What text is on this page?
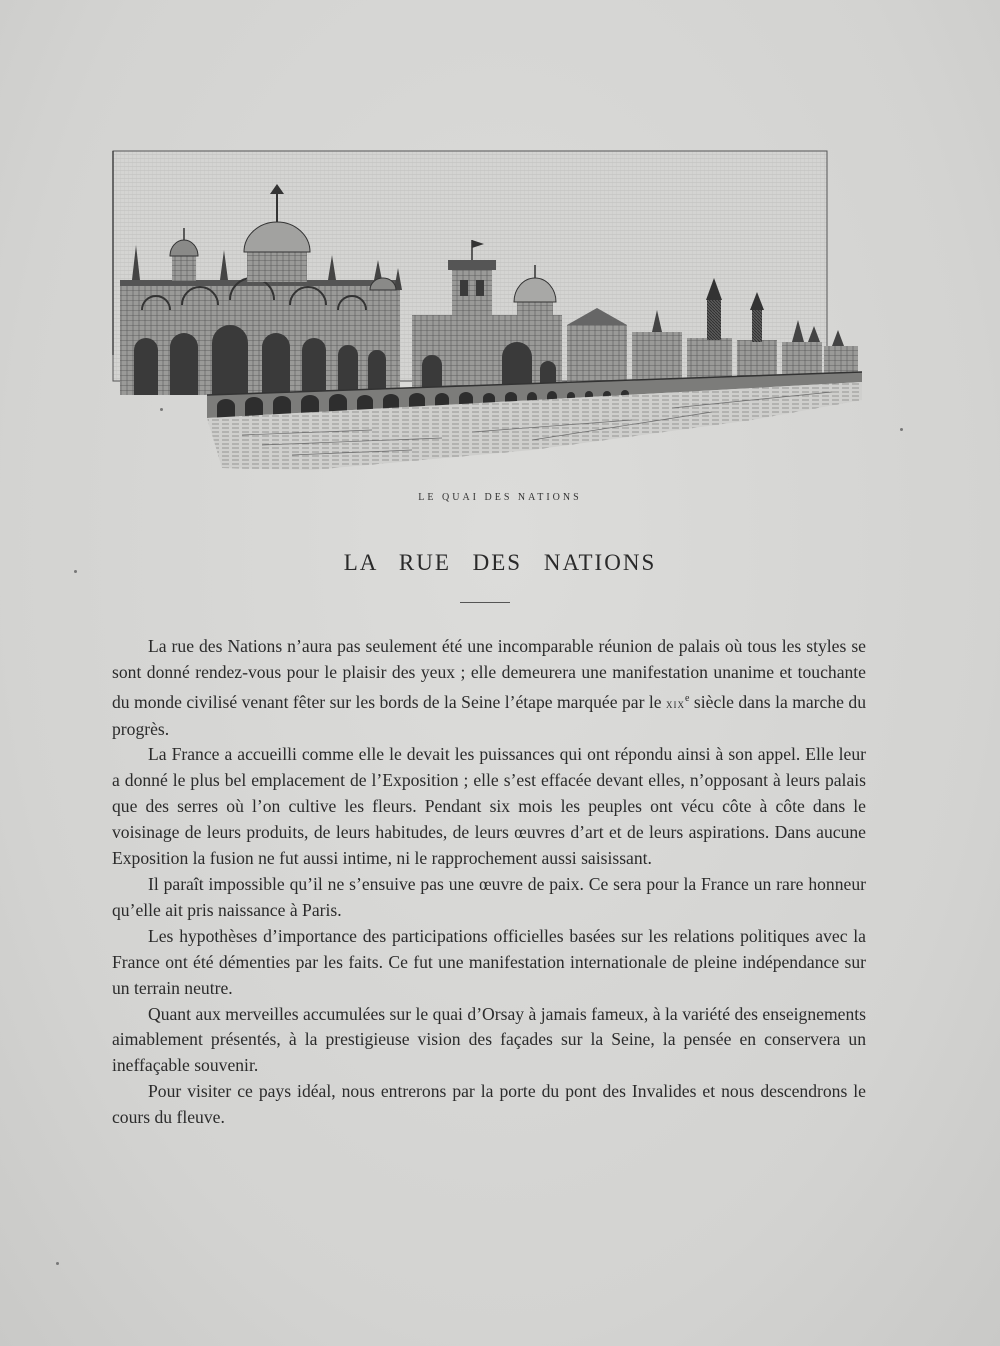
LE QUAI DES NATIONS
LA RUE DES NATIONS

La rue des Nations n’aura pas seulement été une incomparable réunion de palais où tous les styles se sont donné rendez-vous pour le plaisir des yeux ; elle demeurera une manifestation unanime et touchante du monde civilisé venant fêter sur les bords de la Seine l’étape marquée par le xix$^e$ siècle dans la marche du progrès.

La France a accueilli comme elle le devait les puissances qui ont répondu ainsi à son appel. Elle leur a donné le plus bel emplacement de l’Exposition ; elle s’est effacée devant elles, n’opposant à leurs palais que des serres où l’on cultive les fleurs. Pendant six mois les peuples ont vécu côte à côte dans le voisinage de leurs produits, de leurs habitudes, de leurs œuvres d’art et de leurs aspirations. Dans aucune Exposition la fusion ne fut aussi intime, ni le rapprochement aussi saisissant.

Il paraît impossible qu’il ne s’ensuive pas une œuvre de paix. Ce sera pour la France un rare honneur qu’elle ait pris naissance à Paris.

Les hypothèses d’importance des participations officielles basées sur les relations politiques avec la France ont été démenties par les faits. Ce fut une manifestation internationale de pleine indépendance sur un terrain neutre.

Quant aux merveilles accumulées sur le quai d’Orsay à jamais fameux, à la variété des enseignements aimablement présentés, à la prestigieuse vision des façades sur la Seine, la pensée en conservera un ineffaçable souvenir.

Pour visiter ce pays idéal, nous entrerons par la porte du pont des Invalides et nous descendrons le cours du fleuve.
